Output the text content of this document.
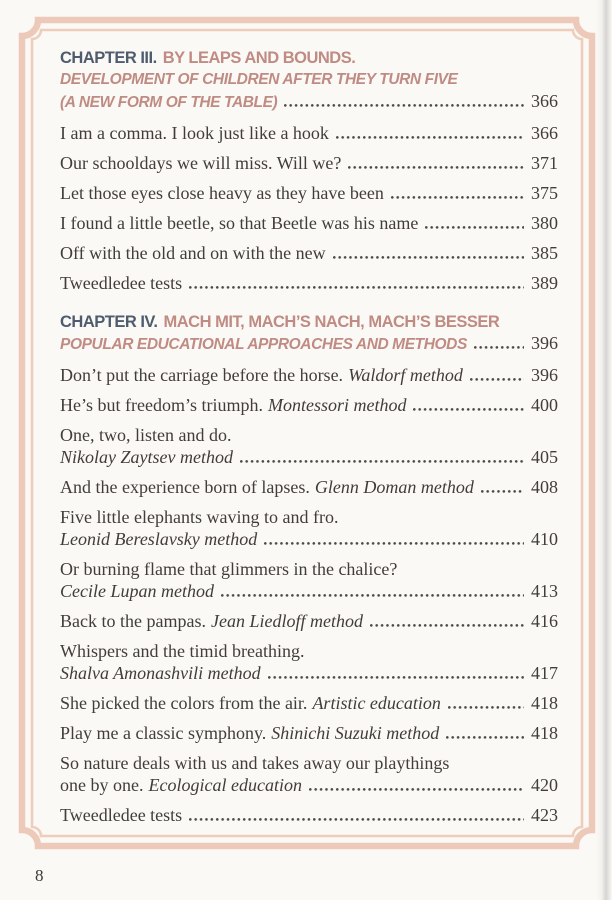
CHAPTER III. BY LEAPS AND BOUNDS.
DEVELOPMENT OF CHILDREN AFTER THEY TURN FIVE
(A NEW FORM OF THE TABLE)	366
I am a comma. I look just like a hook	366
Our schooldays we will miss. Will we?	371
Let those eyes close heavy as they have been	375
I found a little beetle, so that Beetle was his name	380
Off with the old and on with the new	385
Tweedledee tests	389
CHAPTER IV. MACH MIT, MACH’S NACH, MACH’S BESSER
POPULAR EDUCATIONAL APPROACHES AND METHODS	396
Don’t put the carriage before the horse. Waldorf method	396
He’s but freedom’s triumph. Montessori method	400
One, two, listen and do.
Nikolay Zaytsev method	405
And the experience born of lapses. Glenn Doman method	408
Five little elephants waving to and fro.
Leonid Bereslavsky method	410
Or burning flame that glimmers in the chalice?
Cecile Lupan method	413
Back to the pampas. Jean Liedloff method	416
Whispers and the timid breathing.
Shalva Amonashvili method	417
She picked the colors from the air. Artistic education	418
Play me a classic symphony. Shinichi Suzuki method	418
So nature deals with us and takes away our playthings
one by one. Ecological education	420
Tweedledee tests	423
8
